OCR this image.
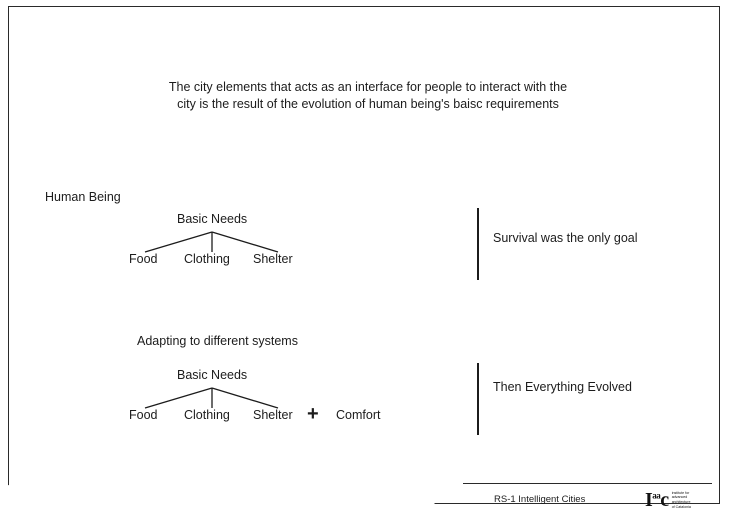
The city elements that acts as an interface for people to interact with the
city is the result of the evolution of human being's baisc requirements
Human Being
Basic Needs
Food Clothing Shelter
Survival was the only goal
Adapting to different systems
Basic Needs
Food Clothing Shelter + Comfort
Then Everything Evolved
RS-1 Intelligent Cities	$I^{aa}c$ institute for
advanced
architecture
of Catalonia
